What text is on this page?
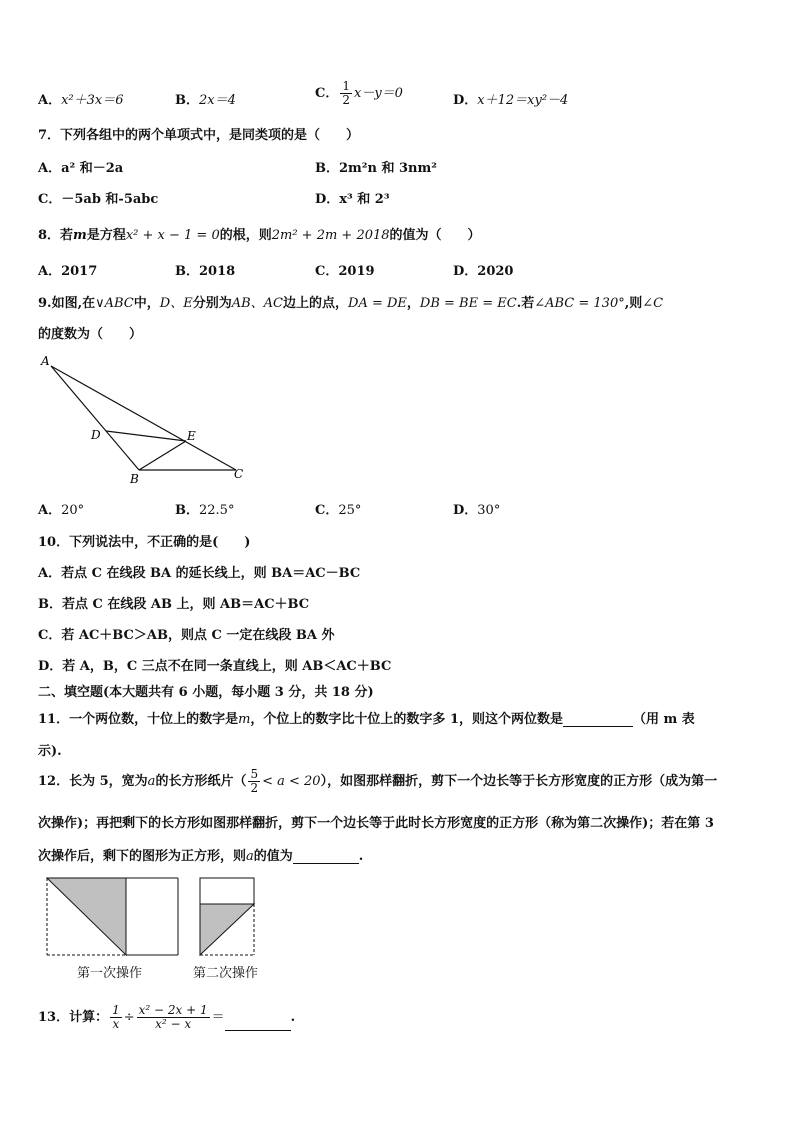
A．x²＋3x＝6	B．2x＝4	C． $\frac{1}{2} x-y=0$	D．x＋12＝xy²－4
7．下列各组中的两个单项式中，是同类项的是（　　）
A．a² 和－2a	B．2m²n 和 3nm²
C．－5ab 和-5abc	D．x³ 和 2³
8．若m是方程x² + x − 1 = 0的根，则2m² + 2m + 2018的值为（　　）
A．2017	B．2018	C．2019	D．2020
9.如图,在∨ABC中，D、E分别为AB、AC边上的点，DA = DE，DB = BE = EC.若∠ABC = 130°,则∠C
的度数为（　　）
A
D	E
B	C
A．20°	B．22.5°	C．25°	D．30°
10．下列说法中，不正确的是(　　)
A．若点 C 在线段 BA 的延长线上，则 BA＝AC－BC
B．若点 C 在线段 AB 上，则 AB＝AC＋BC
C．若 AC＋BC＞AB，则点 C 一定在线段 BA 外
D．若 A，B，C 三点不在同一条直线上，则 AB＜AC＋BC
二、填空题(本大题共有 6 小题，每小题 3 分，共 18 分)
11．一个两位数，十位上的数字是m，个位上的数字比十位上的数字多 1，则这个两位数是	（用 m 表
示).
12．长为 5，宽为a的长方形纸片（ $\frac{5}{2} < a < 20$），如图那样翻折，剪下一个边长等于长方形宽度的正方形（成为第一
次操作)；再把剩下的长方形如图那样翻折，剪下一个边长等于此时长方形宽度的正方形（称为第二次操作)；若在第 3
次操作后，剩下的图形为正方形，则a的值为	.
第一次操作	第二次操作
13．计算： $\frac{1}{x} \div \frac{\text{x² − 2x + 1}}{\text{x² − x}}$ ＝	.
